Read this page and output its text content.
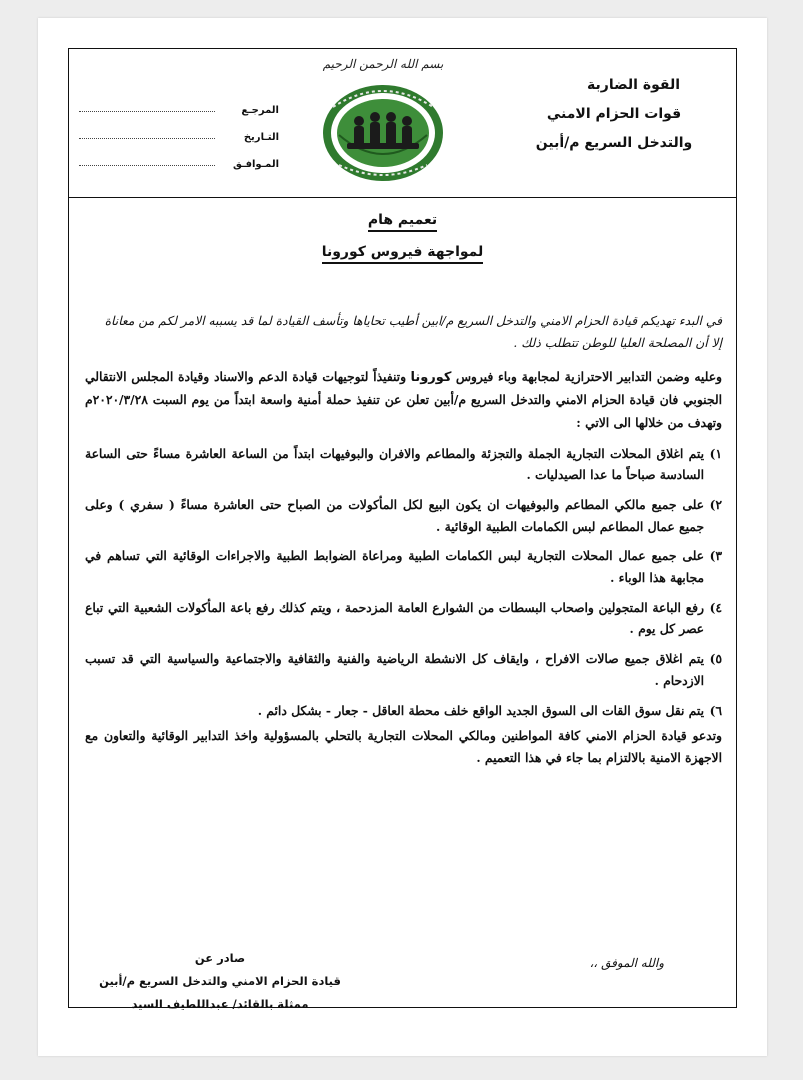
القوة الضاربة
قوات الحزام الامني
والتدخل السريع م/أبين
بسم الله الرحمن الرحيم
المرجـع
التـاريخ
المـوافـق
تعميم هام
لمواجهة فيروس كورونا

في البدء تهديكم قيادة الحزام الامني والتدخل السريع م/ابين أطيب تحاياها وتأسف القيادة لما قد يسببه الامر لكم من معاناة

إلا أن المصلحة العليا للوطن تتطلب ذلك .

وعليه وضمن التدابير الاحترازية لمجابهة وباء فيروس كورونا وتنفيذاً لتوجيهات قيادة الدعم والاسناد وقيادة المجلس الانتقالي الجنوبي فان قيادة الحزام الامني والتدخل السريع م/أبين تعلن عن تنفيذ حملة أمنية واسعة ابتداً من يوم السبت ٢٠٢٠/٣/٢٨م وتهدف من خلالها الى الاتي :

١)
يتم اغلاق المحلات التجارية الجملة والتجزئة والمطاعم والافران والبوفيهات ابتداً من الساعة العاشرة مساءً حتى الساعة السادسة صباحاً ما عدا الصيدليات .
٢)
على جميع مالكي المطاعم والبوفيهات ان يكون البيع لكل المأكولات من الصباح حتى العاشرة مساءً ( سفري ) وعلى جميع عمال المطاعم لبس الكمامات الطبية الوقائية .
٣)
على جميع عمال المحلات التجارية لبس الكمامات الطبية ومراعاة الضوابط الطبية والاجراءات الوقائية التي تساهم في مجابهة هذا الوباء .
٤)
رفع الباعة المتجولين واصحاب البسطات من الشوارع العامة المزدحمة ، ويتم كذلك رفع باعة المأكولات الشعبية التي تباع عصر كل يوم .
٥)
يتم اغلاق جميع صالات الافراح ، وايقاف كل الانشطة الرياضية والفنية والثقافية والاجتماعية والسياسية التي قد تسبب الازدحام .
٦)
يتم نقل سوق القات الى السوق الجديد الواقع خلف محطة العاقل - جعار - بشكل دائم .

وتدعو قيادة الحزام الامني كافة المواطنين ومالكي المحلات التجارية بالتحلي بالمسؤولية واخذ التدابير الوقائية والتعاون مع الاجهزة الامنية بالالتزام بما جاء في هذا التعميم .

والله الموفق ،،
صادر عن
قيادة الحزام الامني والتدخل السريع م/أبين
ممثلة بالقائد/ عبداللطيف السيد
